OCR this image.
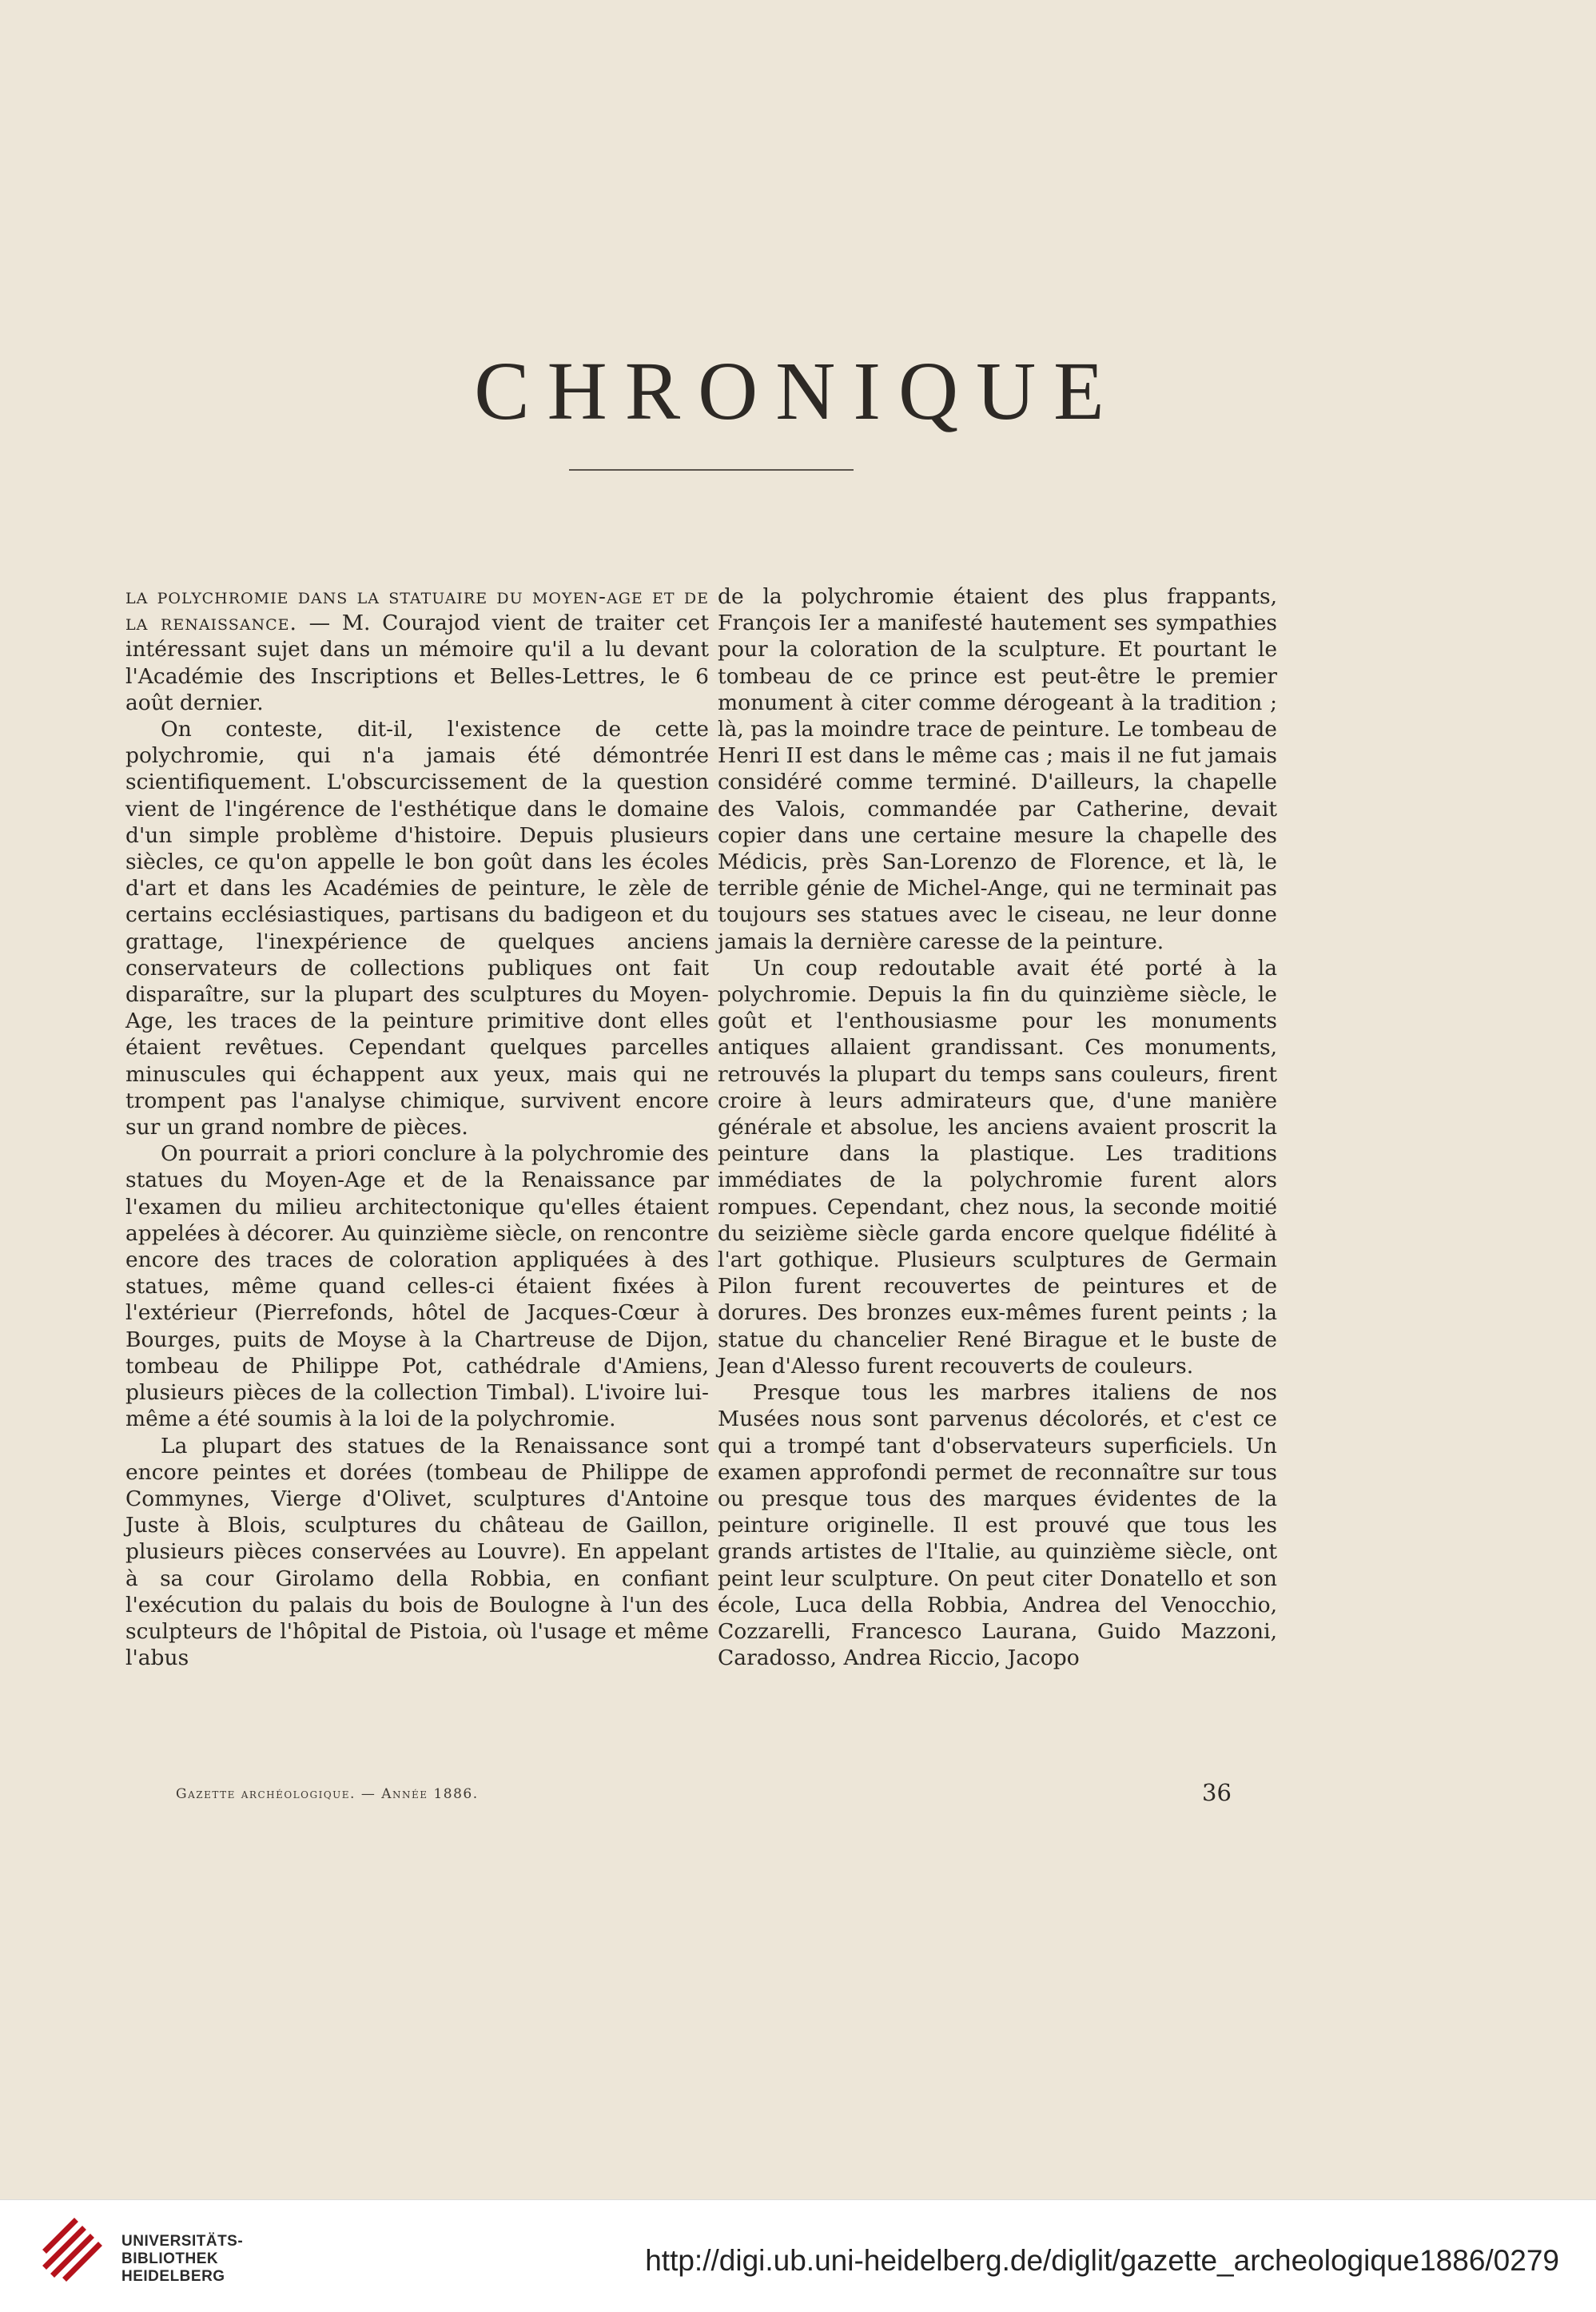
CHRONIQUE

la polychromie dans la statuaire du moyen-age et de la renaissance. — M. Courajod vient de traiter cet intéressant sujet dans un mémoire qu'il a lu devant l'Académie des Inscriptions et Belles-Lettres, le 6 août dernier.

On conteste, dit-il, l'existence de cette polychromie, qui n'a jamais été démontrée scientifiquement. L'obscurcissement de la question vient de l'ingérence de l'esthétique dans le domaine d'un simple problème d'histoire. Depuis plusieurs siècles, ce qu'on appelle le bon goût dans les écoles d'art et dans les Académies de peinture, le zèle de certains ecclésiastiques, partisans du badigeon et du grattage, l'inexpérience de quelques anciens conservateurs de collections publiques ont fait disparaître, sur la plupart des sculptures du Moyen-Age, les traces de la peinture primitive dont elles étaient revêtues. Cependant quelques parcelles minuscules qui échappent aux yeux, mais qui ne trompent pas l'analyse chimique, survivent encore sur un grand nombre de pièces.

On pourrait a priori conclure à la polychromie des statues du Moyen-Age et de la Renaissance par l'examen du milieu architectonique qu'elles étaient appelées à décorer. Au quinzième siècle, on rencontre encore des traces de coloration appliquées à des statues, même quand celles-ci étaient fixées à l'extérieur (Pierrefonds, hôtel de Jacques-Cœur à Bourges, puits de Moyse à la Chartreuse de Dijon, tombeau de Philippe Pot, cathédrale d'Amiens, plusieurs pièces de la collection Timbal). L'ivoire lui-même a été soumis à la loi de la polychromie.

La plupart des statues de la Renaissance sont encore peintes et dorées (tombeau de Philippe de Commynes, Vierge d'Olivet, sculptures d'Antoine Juste à Blois, sculptures du château de Gaillon, plusieurs pièces conservées au Louvre). En appelant à sa cour Girolamo della Robbia, en confiant l'exécution du palais du bois de Boulogne à l'un des sculpteurs de l'hôpital de Pistoia, où l'usage et même l'abus

de la polychromie étaient des plus frappants, François Ier a manifesté hautement ses sympathies pour la coloration de la sculpture. Et pourtant le tombeau de ce prince est peut-être le premier monument à citer comme dérogeant à la tradition ; là, pas la moindre trace de peinture. Le tombeau de Henri II est dans le même cas ; mais il ne fut jamais considéré comme terminé. D'ailleurs, la chapelle des Valois, commandée par Catherine, devait copier dans une certaine mesure la chapelle des Médicis, près San-Lorenzo de Florence, et là, le terrible génie de Michel-Ange, qui ne terminait pas toujours ses statues avec le ciseau, ne leur donne jamais la dernière caresse de la peinture.

Un coup redoutable avait été porté à la polychromie. Depuis la fin du quinzième siècle, le goût et l'enthousiasme pour les monuments antiques allaient grandissant. Ces monuments, retrouvés la plupart du temps sans couleurs, firent croire à leurs admirateurs que, d'une manière générale et absolue, les anciens avaient proscrit la peinture dans la plastique. Les traditions immédiates de la polychromie furent alors rompues. Cependant, chez nous, la seconde moitié du seizième siècle garda encore quelque fidélité à l'art gothique. Plusieurs sculptures de Germain Pilon furent recouvertes de peintures et de dorures. Des bronzes eux-mêmes furent peints ; la statue du chancelier René Birague et le buste de Jean d'Alesso furent recouverts de couleurs.

Presque tous les marbres italiens de nos Musées nous sont parvenus décolorés, et c'est ce qui a trompé tant d'observateurs superficiels. Un examen approfondi permet de reconnaître sur tous ou presque tous des marques évidentes de la peinture originelle. Il est prouvé que tous les grands artistes de l'Italie, au quinzième siècle, ont peint leur sculpture. On peut citer Donatello et son école, Luca della Robbia, Andrea del Venocchio, Cozzarelli, Francesco Laurana, Guido Mazzoni, Caradosso, Andrea Riccio, Jacopo

Gazette archéologique. — Année 1886.	36
UNIVERSITÄTS-
BIBLIOTHEK
HEIDELBERG	http://digi.ub.uni-heidelberg.de/diglit/gazette_archeologique1886/0279
